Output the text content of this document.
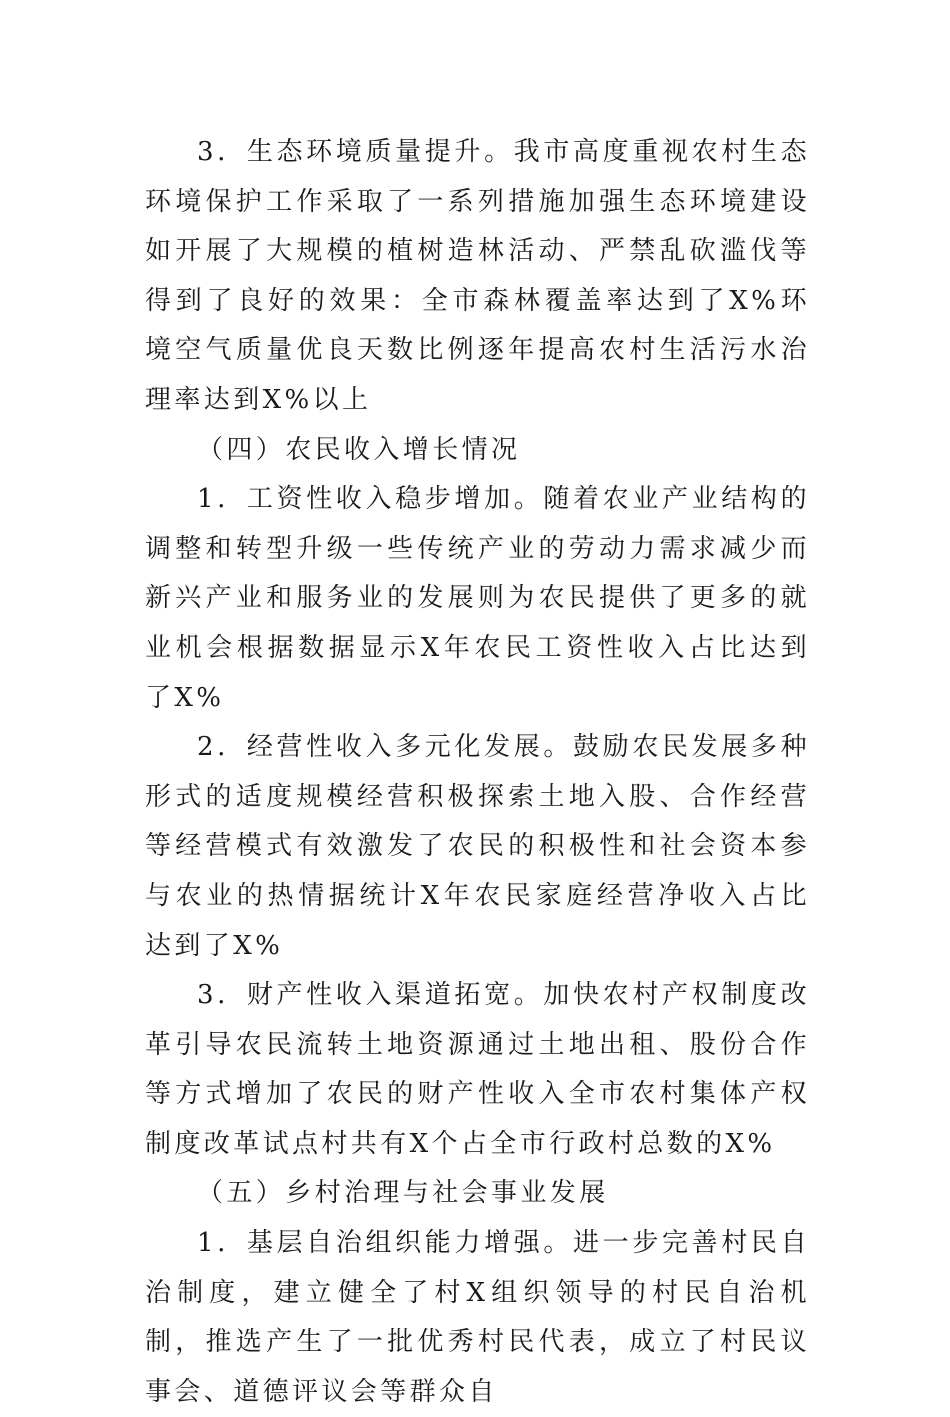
3．生态环境质量提升。我市高度重视农村生态环境保护工作采取了一系列措施加强生态环境建设如开展了大规模的植树造林活动、严禁乱砍滥伐等得到了良好的效果：全市森林覆盖率达到了X%环境空气质量优良天数比例逐年提高农村生活污水治理率达到X%以上

（四）农民收入增长情况

1．工资性收入稳步增加。随着农业产业结构的调整和转型升级一些传统产业的劳动力需求减少而新兴产业和服务业的发展则为农民提供了更多的就业机会根据数据显示X年农民工资性收入占比达到了X%

2．经营性收入多元化发展。鼓励农民发展多种形式的适度规模经营积极探索土地入股、合作经营等经营模式有效激发了农民的积极性和社会资本参与农业的热情据统计X年农民家庭经营净收入占比达到了X%

3．财产性收入渠道拓宽。加快农村产权制度改革引导农民流转土地资源通过土地出租、股份合作等方式增加了农民的财产性收入全市农村集体产权制度改革试点村共有X个占全市行政村总数的X%

（五）乡村治理与社会事业发展

1．基层自治组织能力增强。进一步完善村民自治制度，建立健全了村X组织领导的村民自治机制，推选产生了一批优秀村民代表，成立了村民议事会、道德评议会等群众自
